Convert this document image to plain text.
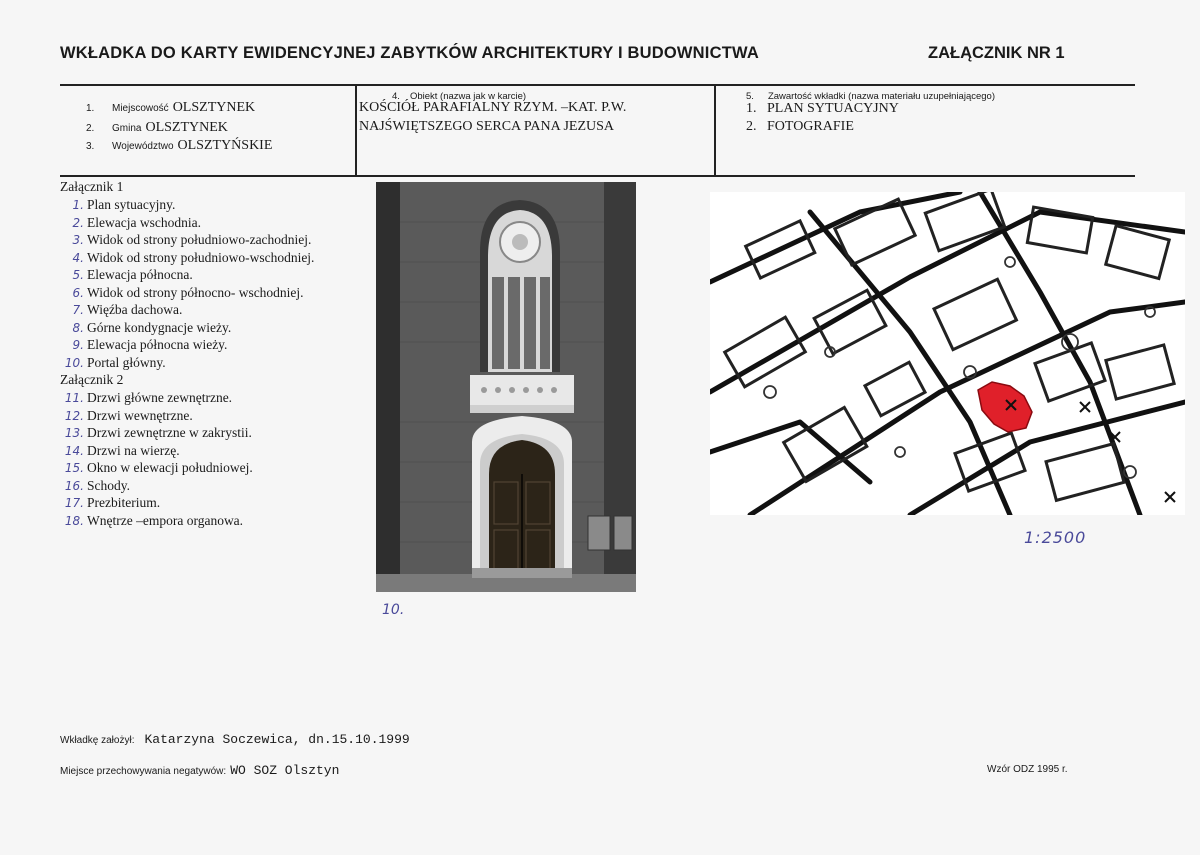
WKŁADKA DO KARTY EWIDENCYJNEJ ZABYTKÓW ARCHITEKTURY I BUDOWNICTWA	ZAŁĄCZNIK NR 1
1. Miejscowość OLSZTYNEK
2. Gmina OLSZTYNEK
3. Województwo OLSZTYŃSKIE
4. Obiekt (nazwa jak w karcie)
KOŚCIÓŁ PARAFIALNY RZYM. –KAT. P.W.
NAJŚWIĘTSZEGO SERCA PANA JEZUSA
5. Zawartość wkładki (nazwa materiału uzupełniającego)
1.   PLAN SYTUACYJNY
2.   FOTOGRAFIE
Załącznik 1
1. Plan sytuacyjny.
2. Elewacja wschodnia.
3. Widok od strony południowo-zachodniej.
4. Widok od strony południowo-wschodniej.
5. Elewacja północna.
6. Widok od strony północno- wschodniej.
7. Więźba dachowa.
8. Górne kondygnacje wieży.
9. Elewacja północna wieży.
10. Portal główny.
Załącznik 2
11. Drzwi główne zewnętrzne.
12. Drzwi wewnętrzne.
13. Drzwi zewnętrzne w zakrystii.
14. Drzwi na wierzę.
15. Okno w elewacji południowej.
16. Schody.
17. Prezbiterium.
18. Wnętrze –empora organowa.
10.
1:2500
Wkładkę założył: Katarzyna Soczewica, dn.15.10.1999
Miejsce przechowywania negatywów: WO SOZ Olsztyn	Wzór ODZ 1995 r.
